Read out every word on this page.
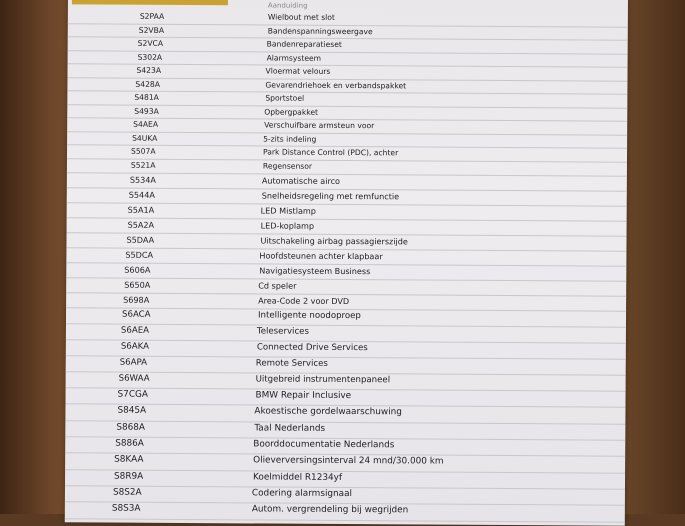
Aanduiding
S2PAA	Wielbout met slot
S2VBA	Bandenspanningsweergave
S2VCA	Bandenreparatieset
S302A	Alarmsysteem
S423A	Vloermat velours
S428A	Gevarendriehoek en verbandspakket
S481A	Sportstoel
S493A	Opbergpakket
S4AEA	Verschuifbare armsteun voor
S4UKA	5-zits indeling
S507A	Park Distance Control (PDC), achter
S521A	Regensensor
S534A	Automatische airco
S544A	Snelheidsregeling met remfunctie
S5A1A	LED Mistlamp
S5A2A	LED-koplamp
S5DAA	Uitschakeling airbag passagierszijde
S5DCA	Hoofdsteunen achter klapbaar
S606A	Navigatiesysteem Business
S650A	Cd speler
S698A	Area-Code 2 voor DVD
S6ACA	Intelligente noodoproep
S6AEA	Teleservices
S6AKA	Connected Drive Services
S6APA	Remote Services
S6WAA	Uitgebreid instrumentenpaneel
S7CGA	BMW Repair Inclusive
S845A	Akoestische gordelwaarschuwing
S868A	Taal Nederlands
S886A	Boorddocumentatie Nederlands
S8KAA	Olieverversingsinterval 24 mnd/30.000 km
S8R9A	Koelmiddel R1234yf
S8S2A	Codering alarmsignaal
S8S3A	Autom. vergrendeling bij wegrijden
